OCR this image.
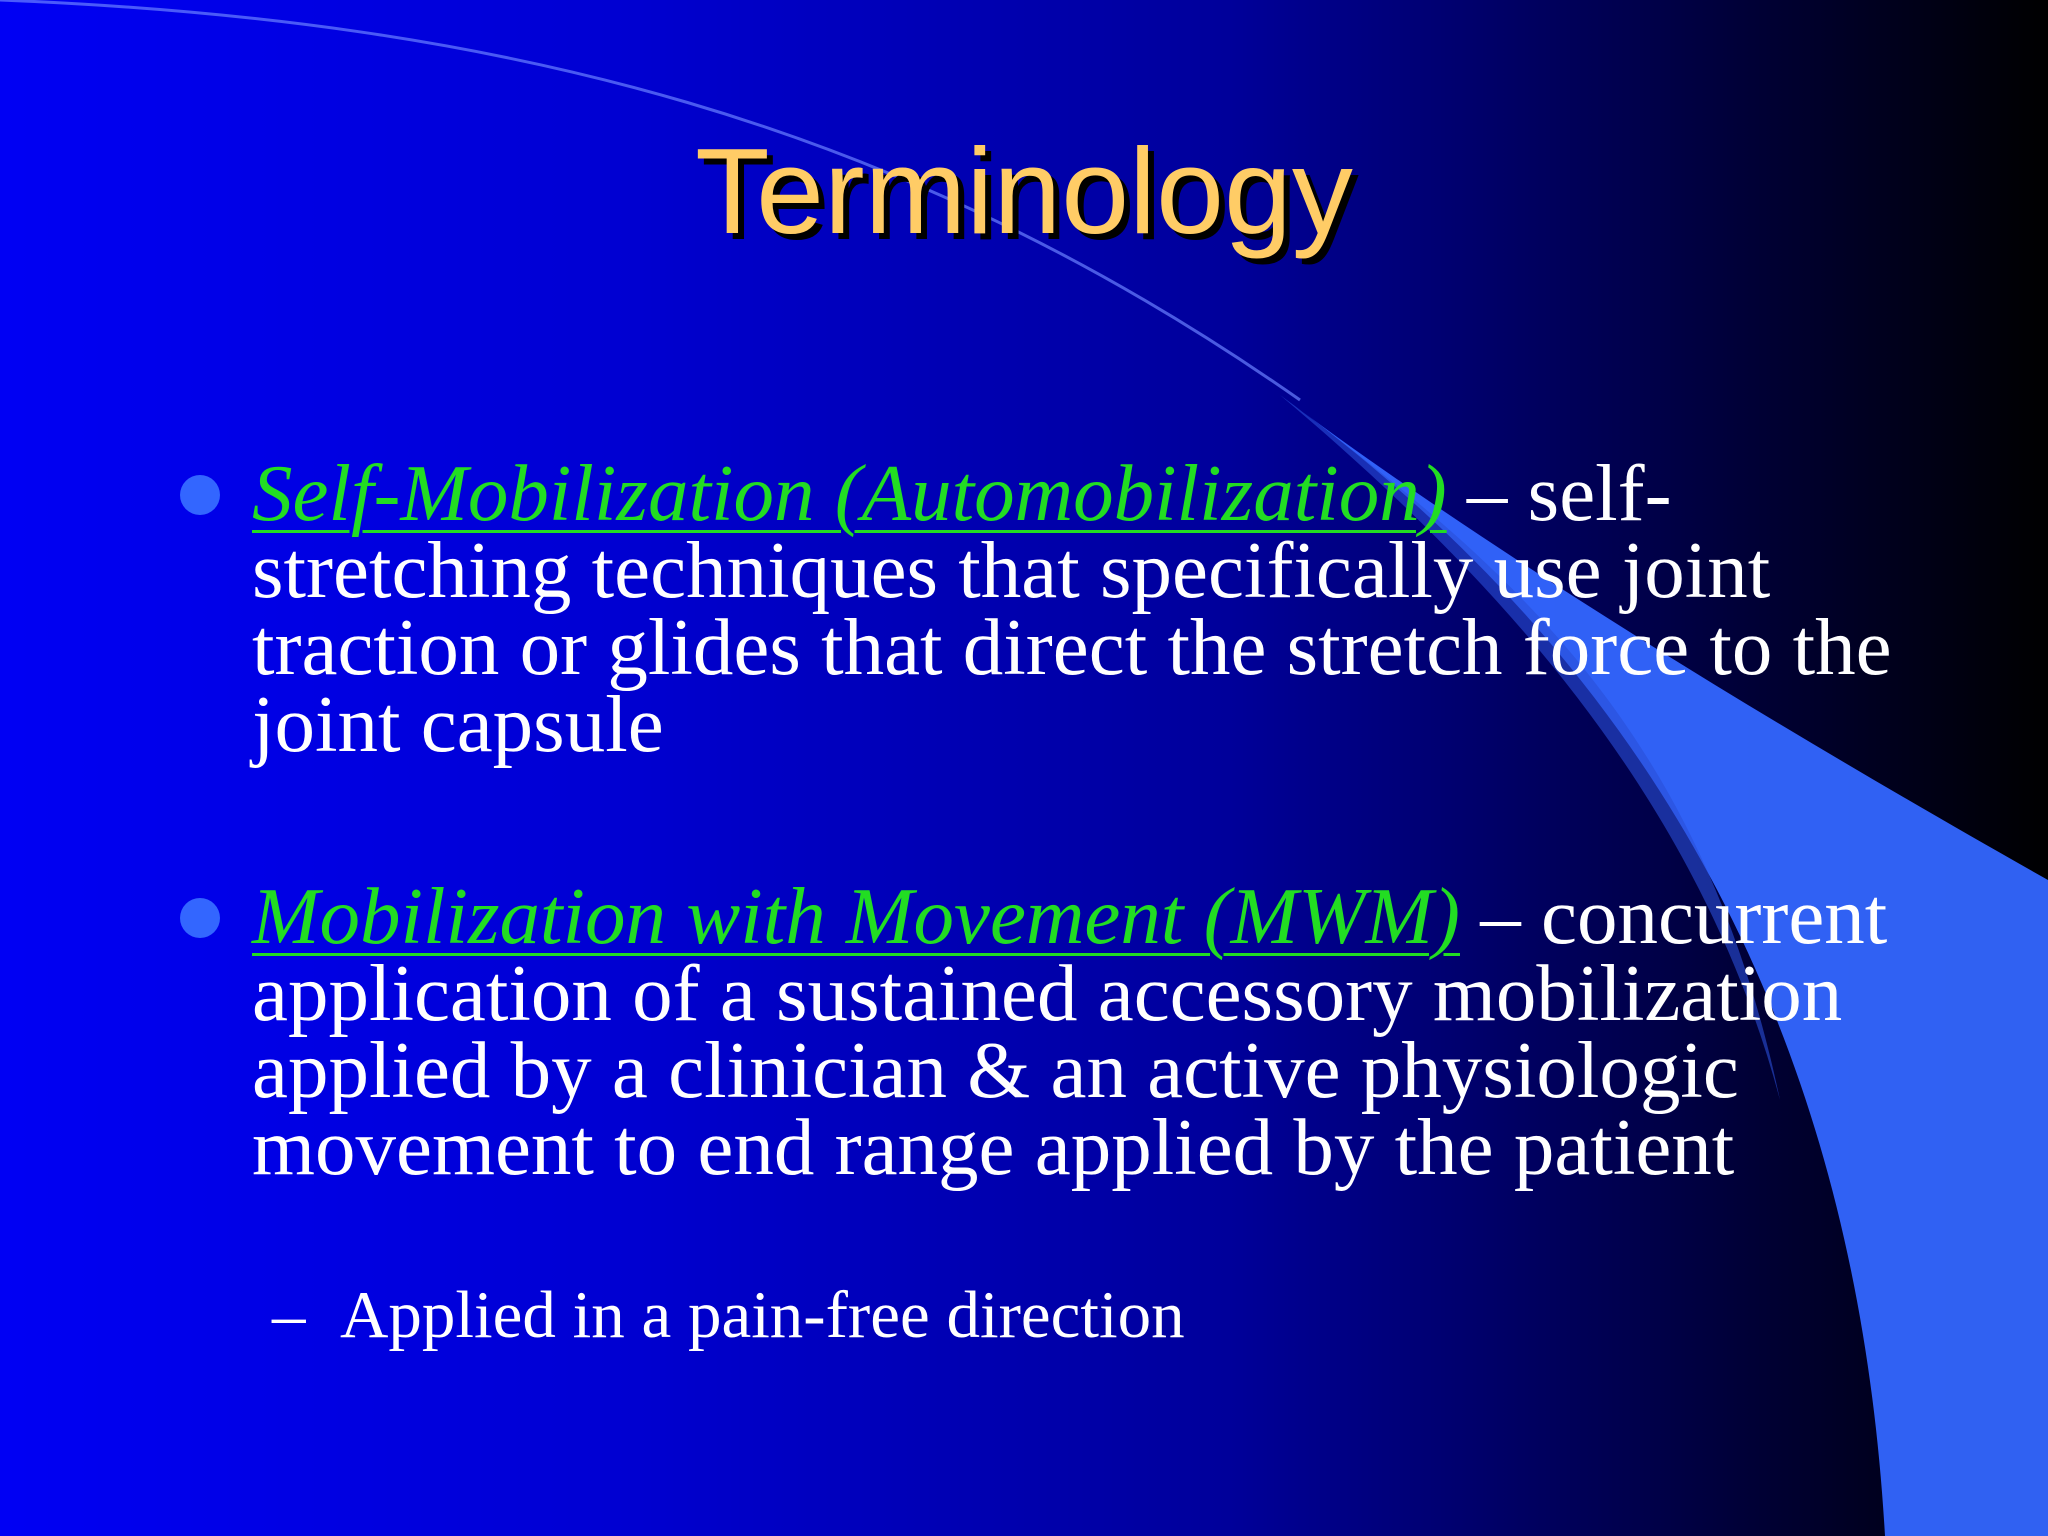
Terminology
Self-Mobilization (Automobilization) – self-stretching techniques that specifically use joint traction or glides that direct the stretch force to the joint capsule
Mobilization with Movement (MWM) – concurrent application of a sustained accessory mobilization applied by a clinician & an active physiologic movement to end range applied by the patient
– Applied in a pain-free direction
